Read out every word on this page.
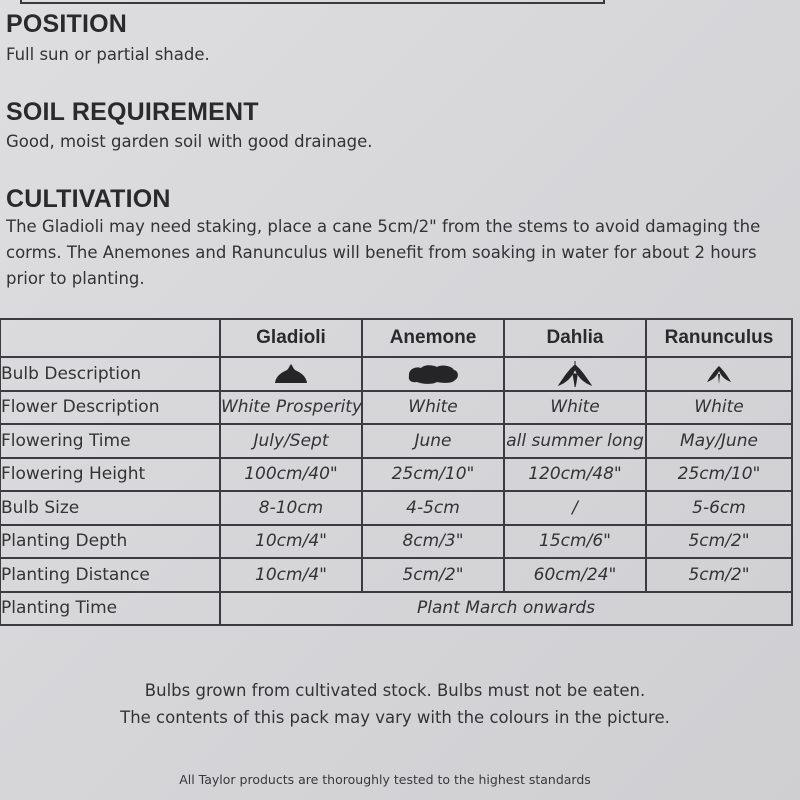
POSITION

Full sun or partial shade.

SOIL REQUIREMENT

Good, moist garden soil with good drainage.

CULTIVATION

The Gladioli may need staking, place a cane 5cm/2" from the stems to avoid damaging the
corms. The Anemones and Ranunculus will benefit from soaking in water for about 2 hours
prior to planting.

	Gladioli	Anemone	Dahlia	Ranunculus
Bulb Description				
Flower Description	White Prosperity	White	White	White
Flowering Time	July/Sept	June	all summer long	May/June
Flowering Height	100cm/40"	25cm/10"	120cm/48"	25cm/10"
Bulb Size	8-10cm	4-5cm	/	5-6cm
Planting Depth	10cm/4"	8cm/3"	15cm/6"	5cm/2"
Planting Distance	10cm/4"	5cm/2"	60cm/24"	5cm/2"
Planting Time	Plant March onwards			

Bulbs grown from cultivated stock. Bulbs must not be eaten.
The contents of this pack may vary with the colours in the picture.

All Taylor products are thoroughly tested to the highest standards
